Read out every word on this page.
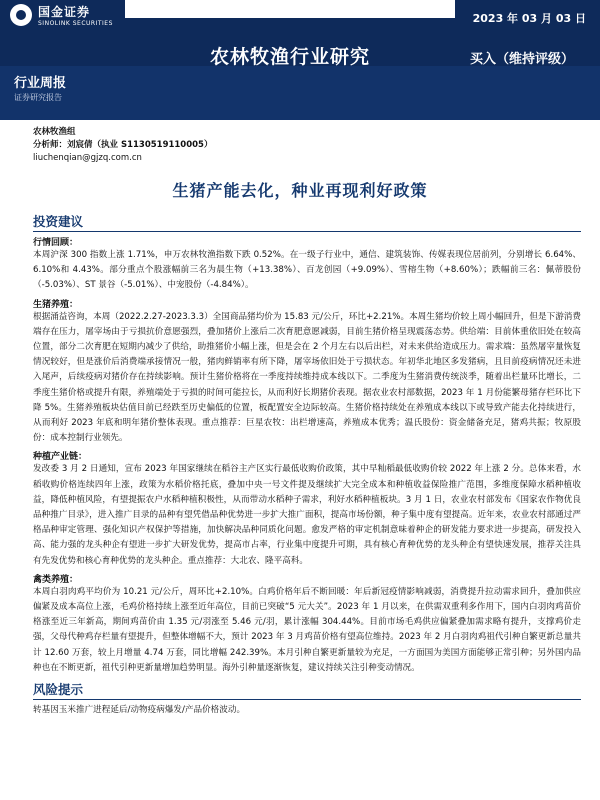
国金证券
SINOLINK SECURITIES	2023 年 03 月 03 日
农林牧渔行业研究	买入（维持评级）
行业周报
证券研究报告
农林牧渔组
分析师：刘宸倩（执业 S1130519110005）
liuchenqian@gjzq.com.cn
生猪产能去化，种业再现利好政策
投资建议
行情回顾：

本周沪深 300 指数上涨 1.71%，申万农林牧渔指数下跌 0.52%。在一级子行业中，通信、建筑装饰、传媒表现位居前列，分别增长 6.64%、6.10%和 4.43%。部分重点个股涨幅前三名为晨生物（+13.38%）、百龙创园（+9.09%）、雪榕生物（+8.60%）；跌幅前三名：佩蒂股份（-5.03%）、ST 景谷（-5.01%）、中宠股份（-4.84%）。

生猪养殖：

根据涌益咨询，本周（2022.2.27-2023.3.3）全国商品猪均价为 15.83 元/公斤，环比+2.21%。本周生猪均价较上周小幅回升，但是下游消费端存在压力，屠宰场由于亏损抗价意愿强烈，叠加猪价上涨后二次育肥意愿减弱，目前生猪价格呈现震荡态势。供给端：目前体重依旧处在较高位置，部分二次育肥在短期内减少了供给，助推猪价小幅上涨，但是会在 2 个月左右以后出栏，对未来供给造成压力。需求端：虽然屠宰量恢复情况较好，但是涨价后消费端承接情况一般，猪肉鲜销率有所下降，屠宰场依旧处于亏损状态。年初华北地区多发猪病，且目前疫病情况还未进入尾声，后续疫病对猪价存在持续影响。预计生猪价格将在一季度持续维持成本线以下。二季度为生猪消费传统淡季，随着出栏量环比增长，二季度生猪价格或提升有限，养殖端处于亏损的时间可能拉长，从而利好长期猪价表现。据农业农村部数据，2023 年 1 月份能繁母猪存栏环比下降 5%。生猪养殖板块估值目前已经跌至历史偏低的位置，板配置安全边际较高。生猪价格持续处在养殖成本线以下或导致产能去化持续进行，从而利好 2023 年底和明年猪价整体表现。重点推荐：巨星农牧：出栏增速高，养殖成本优秀；温氏股份：资金储备充足，猪鸡共振；牧原股份：成本控制行业领先。

种植产业链：

发改委 3 月 2 日通知，宣布 2023 年国家继续在稻谷主产区实行最低收购价政策，其中早籼稻最低收购价较 2022 年上涨 2 分。总体来看，水稻收购价格连续四年上涨，政策为水稻价格托底，叠加中央一号文件提及继续扩大完全成本和种植收益保险推广范围，多维度保障水稻种植收益，降低种植风险，有望提振农户水稻种植积极性，从而带动水稻种子需求，利好水稻种植板块。3 月 1 日，农业农村部发布《国家农作物优良品种推广目录》，进入推广目录的品种有望凭借品种优势进一步扩大推广面积，提高市场份额，种子集中度有望提高。近年来，农业农村部通过严格品种审定管理、强化知识产权保护等措施，加快解决品种同质化问题。愈发严格的审定机制意味着种企的研发能力要求进一步提高，研发投入高、能力强的龙头种企有望进一步扩大研发优势，提高市占率，行业集中度提升可期，具有核心育种优势的龙头种企有望快速发展，推荐关注具有先发优势和核心育种优势的龙头种企。重点推荐：大北农、隆平高科。

禽类养殖：

本周白羽肉鸡平均价为 10.21 元/公斤，周环比+2.10%。白鸡价格年后不断回暖：年后新冠疫情影响减弱，消费提升拉动需求回升，叠加供应偏紧及成本高位上涨，毛鸡价格持续上涨至近年高位，目前已突破“5 元大关”。2023 年 1 月以来，在供需双重利多作用下，国内白羽肉鸡苗价格涨至近三年新高，期间鸡苗价由 1.35 元/羽涨至 5.46 元/羽，累计涨幅 304.44%。目前市场毛鸡供应偏紧叠加需求略有提升，支撑鸡价走强，父母代种鸡存栏量有望提升，但整体增幅不大，预计 2023 年 3 月鸡苗价格有望高位维持。2023 年 2 月白羽肉鸡祖代引种自繁更新总量共计 12.60 万套，较上月增量 4.74 万套，同比增幅 242.39%。本月引种自繁更新量较为充足，一方面国为美国方面能够正常引种；另外国内品种也在不断更新，祖代引种更新量增加趋势明显。海外引种量逐渐恢复，建议持续关注引种变动情况。

风险提示

转基因玉米推广进程延后/动物疫病爆发/产品价格波动。
